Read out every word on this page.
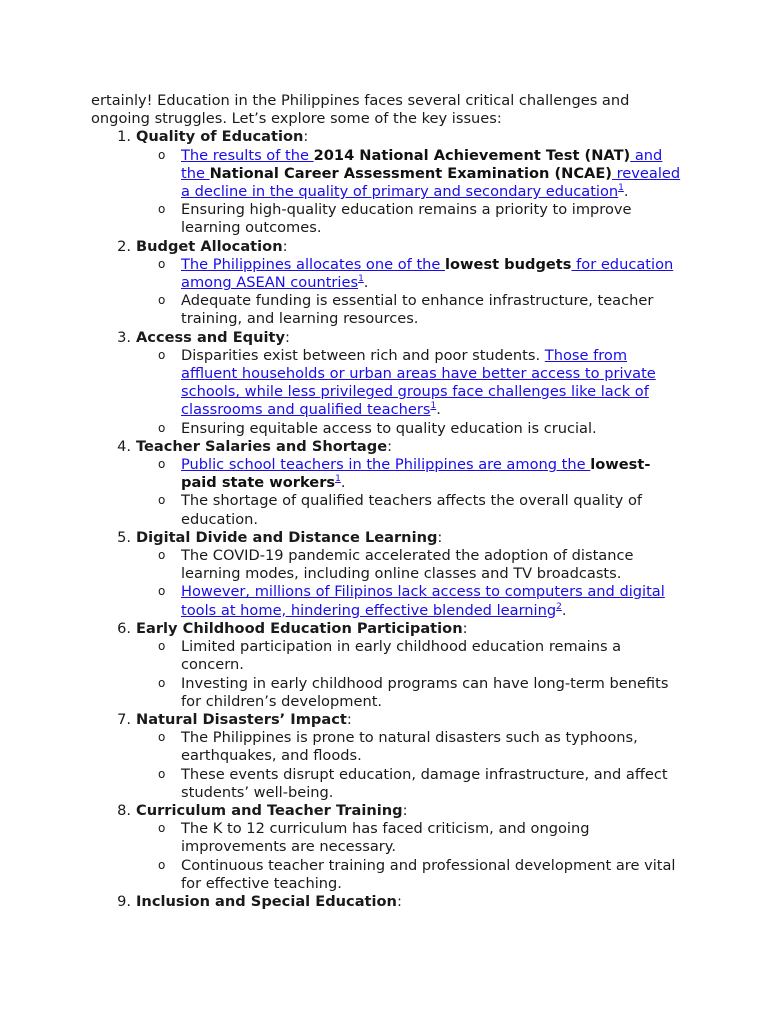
ertainly! Education in the Philippines faces several critical challenges and
ongoing struggles. Let’s explore some of the key issues:

1. Quality of Education:
o The results of the 2014 National Achievement Test (NAT) and the National Career Assessment Examination (NCAE) revealed a decline in the quality of primary and secondary education$^1$.
o Ensuring high-quality education remains a priority to improve learning outcomes.
2. Budget Allocation:
o The Philippines allocates one of the lowest budgets for education among ASEAN countries$^1$.
o Adequate funding is essential to enhance infrastructure, teacher training, and learning resources.
3. Access and Equity:
o Disparities exist between rich and poor students. Those from affluent households or urban areas have better access to private schools, while less privileged groups face challenges like lack of classrooms and qualified teachers$^1$.
o Ensuring equitable access to quality education is crucial.
4. Teacher Salaries and Shortage:
o Public school teachers in the Philippines are among the lowest-paid state workers$^1$.
o The shortage of qualified teachers affects the overall quality of education.
5. Digital Divide and Distance Learning:
o The COVID-19 pandemic accelerated the adoption of distance learning modes, including online classes and TV broadcasts.
o However, millions of Filipinos lack access to computers and digital tools at home, hindering effective blended learning$^2$.
6. Early Childhood Education Participation:
o Limited participation in early childhood education remains a concern.
o Investing in early childhood programs can have long-term benefits for children’s development.
7. Natural Disasters’ Impact:
o The Philippines is prone to natural disasters such as typhoons, earthquakes, and floods.
o These events disrupt education, damage infrastructure, and affect students’ well-being.
8. Curriculum and Teacher Training:
o The K to 12 curriculum has faced criticism, and ongoing improvements are necessary.
o Continuous teacher training and professional development are vital for effective teaching.
9. Inclusion and Special Education:
